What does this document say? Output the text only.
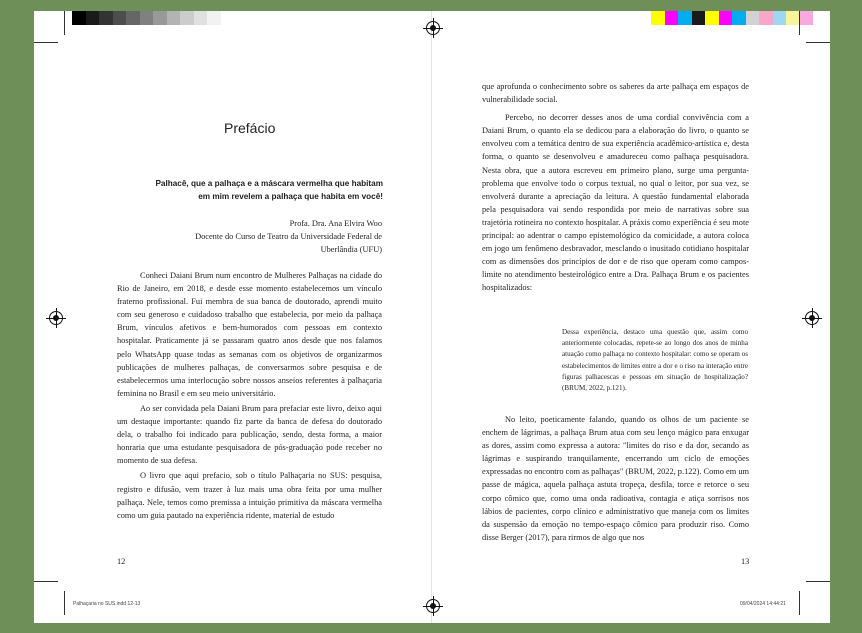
Prefácio
Palhacê, que a palhaça e a máscara vermelha que habitam
em mim revelem a palhaça que habita em você!
Profa. Dra. Ana Elvira Woo
Docente do Curso de Teatro da Universidade Federal de
Uberlândia (UFU)

Conheci Daiani Brum num encontro de Mulheres Palhaças na cidade do Rio de Janeiro, em 2018, e desde esse momento estabelecemos um vínculo fraterno profissional. Fui membra de sua banca de doutorado, aprendi muito com seu generoso e cuidadoso trabalho que estabelecia, por meio da palhaça Brum, vínculos afetivos e bem-humorados com pessoas em contexto hospitalar. Praticamente já se passaram quatro anos desde que nos falamos pelo WhatsApp quase todas as semanas com os objetivos de organizarmos publicações de mulheres palhaças, de conversarmos sobre pesquisa e de estabelecermos uma interlocução sobre nossos anseios referentes à palhaçaria feminina no Brasil e em seu meio universitário.

Ao ser convidada pela Daiani Brum para prefaciar este livro, deixo aqui um destaque importante: quando fiz parte da banca de defesa do doutorado dela, o trabalho foi indicado para publicação, sendo, desta forma, a maior honraria que uma estudante pesquisadora de pós-graduação pode receber no momento de sua defesa.

O livro que aqui prefacio, sob o título Palhaçaria no SUS: pesquisa, registro e difusão, vem trazer à luz mais uma obra feita por uma mulher palhaça. Nele, temos como premissa a intuição primitiva da máscara vermelha como um guia pautado na experiência ridente, material de estudo

12

que aprofunda o conhecimento sobre os saberes da arte palhaça em espaços de vulnerabilidade social.

Percebo, no decorrer desses anos de uma cordial convivência com a Daiani Brum, o quanto ela se dedicou para a elaboração do livro, o quanto se envolveu com a temática dentro de sua experiência acadêmico-artística e, desta forma, o quanto se desenvolveu e amadureceu como palhaça pesquisadora. Nesta obra, que a autora escreveu em primeiro plano, surge uma pergunta-problema que envolve todo o corpus textual, no qual o leitor, por sua vez, se envolverá durante a apreciação da leitura. A questão fundamental elaborada pela pesquisadora vai sendo respondida por meio de narrativas sobre sua trajetória rotineira no contexto hospitalar. A práxis como experiência é seu mote principal: ao adentrar o campo epistemológico da comicidade, a autora coloca em jogo um fenômeno desbravador, mesclando o inusitado cotidiano hospitalar com as dimensões dos princípios de dor e de riso que operam como campos-limite no atendimento besteirológico entre a Dra. Palhaça Brum e os pacientes hospitalizados:

Dessa experiência, destaco uma questão que, assim como anteriormente colocadas, repete-se ao longo dos anos de minha atuação como palhaça no contexto hospitalar: como se operam os estabelecimentos de limites entre a dor e o riso na interação entre figuras palhacescas e pessoas em situação de hospitalização? (BRUM, 2022, p.121).

No leito, poeticamente falando, quando os olhos de um paciente se enchem de lágrimas, a palhaça Brum atua com seu lenço mágico para enxugar as dores, assim como expressa a autora: "limites do riso e da dor, secando as lágrimas e suspirando tranquilamente, encerrando um ciclo de emoções expressadas no encontro com as palhaças" (BRUM, 2022, p.122). Como em um passe de mágica, aquela palhaça astuta tropeça, desfila, torce e retorce o seu corpo cômico que, como uma onda radioativa, contagia e atiça sorrisos nos lábios de pacientes, corpo clínico e administrativo que maneja com os limites da suspensão da emoção no tempo-espaço cômico para produzir riso. Como disse Berger (2017), para rirmos de algo que nos

13
Palhaçaria no SUS.indd 12-13	09/04/2024 14:44:21
